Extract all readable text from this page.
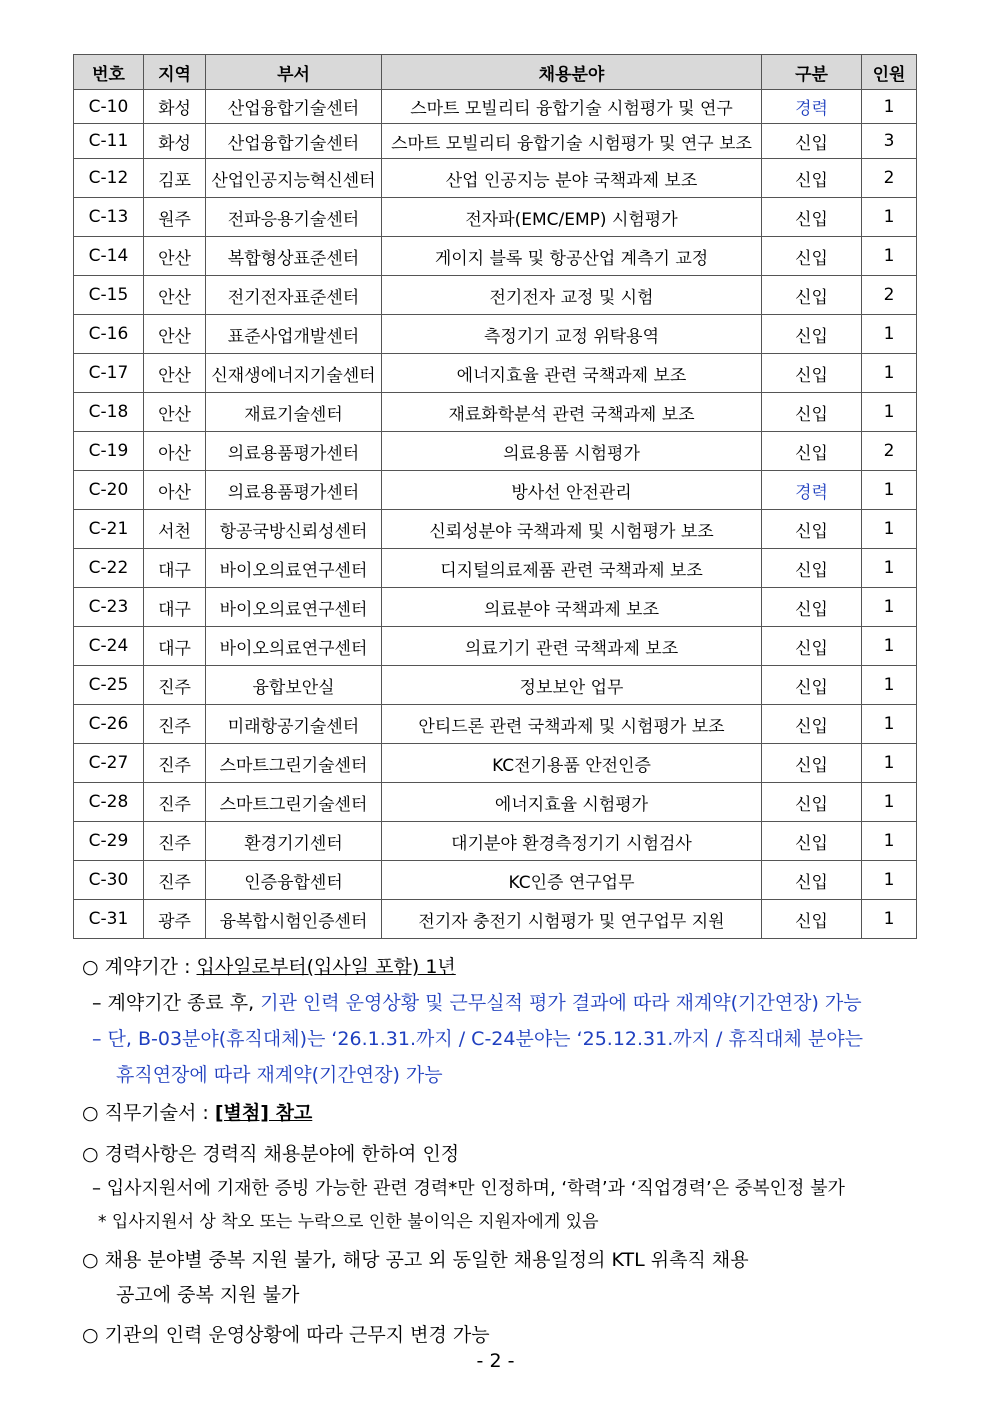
번호	지역	부서	채용분야	구분	인원
C-10	화성	산업융합기술센터	스마트 모빌리티 융합기술 시험평가 및 연구	경력	1
C-11	화성	산업융합기술센터	스마트 모빌리티 융합기술 시험평가 및 연구 보조	신입	3
C-12	김포	산업인공지능혁신센터	산업 인공지능 분야 국책과제 보조	신입	2
C-13	원주	전파응용기술센터	전자파(EMC/EMP) 시험평가	신입	1
C-14	안산	복합형상표준센터	게이지 블록 및 항공산업 계측기 교정	신입	1
C-15	안산	전기전자표준센터	전기전자 교정 및 시험	신입	2
C-16	안산	표준사업개발센터	측정기기 교정 위탁용역	신입	1
C-17	안산	신재생에너지기술센터	에너지효율 관련 국책과제 보조	신입	1
C-18	안산	재료기술센터	재료화학분석 관련 국책과제 보조	신입	1
C-19	아산	의료용품평가센터	의료용품 시험평가	신입	2
C-20	아산	의료용품평가센터	방사선 안전관리	경력	1
C-21	서천	항공국방신뢰성센터	신뢰성분야 국책과제 및 시험평가 보조	신입	1
C-22	대구	바이오의료연구센터	디지털의료제품 관련 국책과제 보조	신입	1
C-23	대구	바이오의료연구센터	의료분야 국책과제 보조	신입	1
C-24	대구	바이오의료연구센터	의료기기 관련 국책과제 보조	신입	1
C-25	진주	융합보안실	정보보안 업무	신입	1
C-26	진주	미래항공기술센터	안티드론 관련 국책과제 및 시험평가 보조	신입	1
C-27	진주	스마트그린기술센터	KC전기용품 안전인증	신입	1
C-28	진주	스마트그린기술센터	에너지효율 시험평가	신입	1
C-29	진주	환경기기센터	대기분야 환경측정기기 시험검사	신입	1
C-30	진주	인증융합센터	KC인증 연구업무	신입	1
C-31	광주	융복합시험인증센터	전기자 충전기 시험평가 및 연구업무 지원	신입	1
○ 계약기간 : 입사일로부터(입사일 포함) 1년
– 계약기간 종료 후, 기관 인력 운영상황 및 근무실적 평가 결과에 따라 재계약(기간연장) 가능
– 단, B-03분야(휴직대체)는 ‘26.1.31.까지 / C-24분야는 ‘25.12.31.까지 / 휴직대체 분야는
휴직연장에 따라 재계약(기간연장) 가능
○ 직무기술서 : [별첨] 참고
○ 경력사항은 경력직 채용분야에 한하여 인정
– 입사지원서에 기재한 증빙 가능한 관련 경력*만 인정하며, ‘학력’과 ‘직업경력’은 중복인정 불가
* 입사지원서 상 착오 또는 누락으로 인한 불이익은 지원자에게 있음
○ 채용 분야별 중복 지원 불가, 해당 공고 외 동일한 채용일정의 KTL 위촉직 채용
공고에 중복 지원 불가
○ 기관의 인력 운영상황에 따라 근무지 변경 가능
- 2 -
